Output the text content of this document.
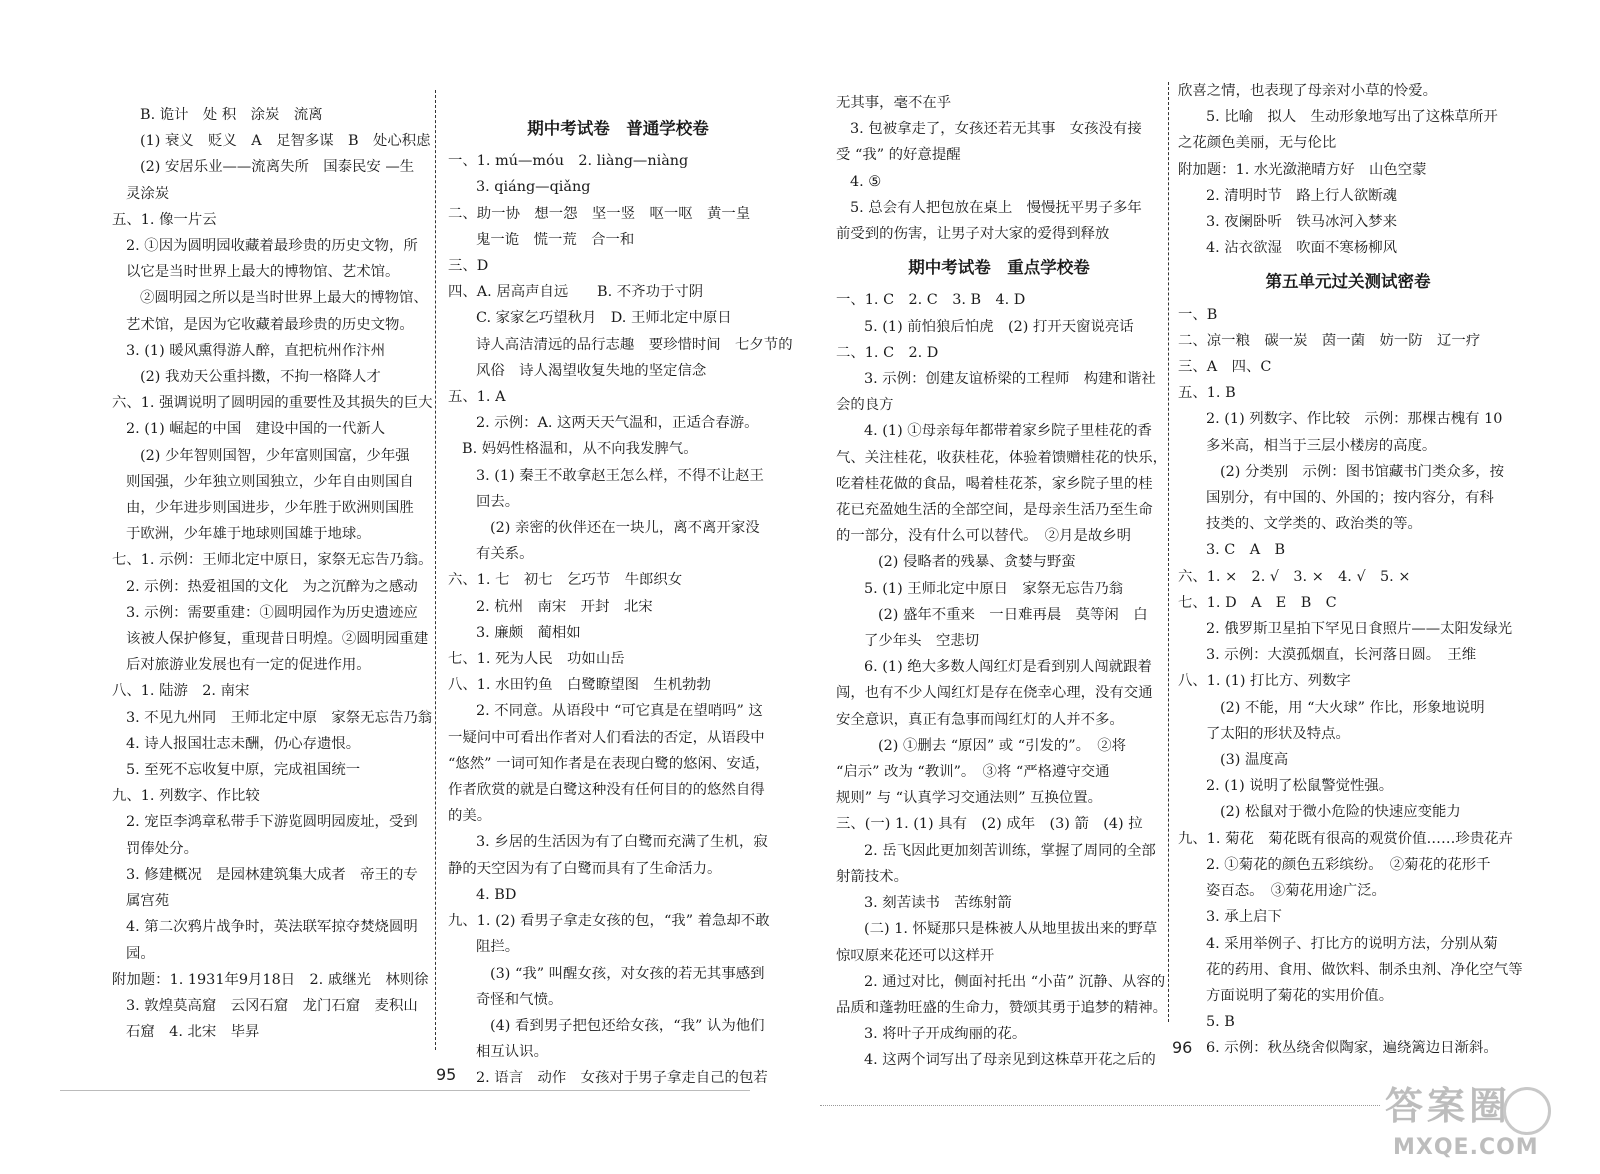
B. 诡计　处 积　涂炭　流离
(1) 衰义　贬义　A　足智多谋　B　处心积虑
(2) 安居乐业——流离失所　国泰民安 —生
灵涂炭
五、1. 像一片云
2. ①因为圆明园收藏着最珍贵的历史文物，所
以它是当时世界上最大的博物馆、艺术馆。
②圆明园之所以是当时世界上最大的博物馆、
艺术馆，是因为它收藏着最珍贵的历史文物。
3. (1) 暖风熏得游人醉，直把杭州作汴州
(2) 我劝天公重抖擞，不拘一格降人才
六、1. 强调说明了圆明园的重要性及其损失的巨大
2. (1) 崛起的中国　建设中国的一代新人
(2) 少年智则国智，少年富则国富，少年强
则国强，少年独立则国独立，少年自由则国自
由，少年进步则国进步，少年胜于欧洲则国胜
于欧洲，少年雄于地球则国雄于地球。
七、1. 示例：王师北定中原日，家祭无忘告乃翁。
2. 示例：热爱祖国的文化　为之沉醉为之感动
3. 示例：需要重建：①圆明园作为历史遗迹应
该被人保护修复，重现昔日明煌。②圆明园重建
后对旅游业发展也有一定的促进作用。
八、1. 陆游　2. 南宋
3. 不见九州同　王师北定中原　家祭无忘告乃翁
4. 诗人报国壮志未酬，仍心存遗恨。
5. 至死不忘收复中原，完成祖国统一
九、1. 列数字、作比较
2. 宠臣李鸿章私带手下游览圆明园废址，受到
罚俸处分。
3. 修建概况　是园林建筑集大成者　帝王的专
属宫苑
4. 第二次鸦片战争时，英法联军掠夺焚烧圆明
园。
附加题：1. 1931年9月18日　2. 戚继光　林则徐
3. 敦煌莫高窟　云冈石窟　龙门石窟　麦积山
石窟　4. 北宋　毕昇
期中考试卷　普通学校卷
一、1. mú—móu　2. liàng—niàng
3. qiáng—qiǎng
二、助一协　想一怨　坚一竖　呕一呕　黄一皇
鬼一诡　慌一荒　合一和
三、D
四、A. 居高声自远　　B. 不齐功于寸阴
C. 家家乞巧望秋月　D. 王师北定中原日
诗人高洁清远的品行志趣　要珍惜时间　七夕节的
风俗　诗人渴望收复失地的坚定信念
五、1. A
2. 示例：A. 这两天天气温和，正适合春游。
B. 妈妈性格温和，从不向我发脾气。
3. (1) 秦王不敢拿赵王怎么样，不得不让赵王
回去。
(2) 亲密的伙伴还在一块儿，离不离开家没
有关系。
六、1. 七　初七　乞巧节　牛郎织女
2. 杭州　南宋　开封　北宋
3. 廉颇　蔺相如
七、1. 死为人民　功如山岳
八、1. 水田钓鱼　白鹭瞭望图　生机勃勃
2. 不同意。从语段中 “可它真是在望哨吗” 这
一疑问中可看出作者对人们看法的否定，从语段中
“悠然” 一词可知作者是在表现白鹭的悠闲、安适，
作者欣赏的就是白鹭这种没有任何目的的悠然自得
的美。
3. 乡居的生活因为有了白鹭而充满了生机，寂
静的天空因为有了白鹭而具有了生命活力。
4. BD
九、1. (2) 看男子拿走女孩的包，“我” 着急却不敢
阻拦。
(3) “我” 叫醒女孩，对女孩的若无其事感到
奇怪和气愤。
(4) 看到男子把包还给女孩，“我” 认为他们
相互认识。
2. 语言　动作　女孩对于男子拿走自己的包若
无其事，毫不在乎
3. 包被拿走了，女孩还若无其事　女孩没有接
受 “我” 的好意提醒
4. ⑤
5. 总会有人把包放在桌上　慢慢抚平男子多年
前受到的伤害，让男子对大家的爱得到释放
期中考试卷　重点学校卷
一、1. C　2. C　3. B　4. D
5. (1) 前怕狼后怕虎　(2) 打开天窗说亮话
二、1. C　2. D
3. 示例：创建友谊桥梁的工程师　构建和谐社
会的良方
4. (1) ①母亲每年都带着家乡院子里桂花的香
气、关注桂花，收获桂花，体验着馈赠桂花的快乐，
吃着桂花做的食品，喝着桂花茶，家乡院子里的桂
花已充盈她生活的全部空间，是母亲生活乃至生命
的一部分，没有什么可以替代。　②月是故乡明
(2) 侵略者的残暴、贪婪与野蛮
5. (1) 王师北定中原日　家祭无忘告乃翁
(2) 盛年不重来　一日难再晨　莫等闲　白
了少年头　空悲切
6. (1) 绝大多数人闯红灯是看到别人闯就跟着
闯，也有不少人闯红灯是存在侥幸心理，没有交通
安全意识，真正有急事而闯红灯的人并不多。
(2) ①删去 “原因” 或 “引发的”。　②将
“启示” 改为 “教训”。　③将 “严格遵守交通
规则” 与 “认真学习交通法则” 互换位置。
三、(一) 1. (1) 具有　(2) 成年　(3) 箭　(4) 拉
2. 岳飞因此更加刻苦训练，掌握了周同的全部
射箭技术。
3. 刻苦读书　苦练射箭
(二) 1. 怀疑那只是株被人从地里拔出来的野草
惊叹原来花还可以这样开
2. 通过对比，侧面衬托出 “小苗” 沉静、从容的
品质和蓬勃旺盛的生命力，赞颂其勇于追梦的精神。
3. 将叶子开成绚丽的花。
4. 这两个词写出了母亲见到这株草开花之后的
欣喜之情，也表现了母亲对小草的怜爱。
5. 比喻　拟人　生动形象地写出了这株草所开
之花颜色美丽，无与伦比
附加题：1. 水光潋滟晴方好　山色空蒙
2. 清明时节　路上行人欲断魂
3. 夜阑卧听　铁马冰河入梦来
4. 沾衣欲湿　吹面不寒杨柳风
第五单元过关测试密卷
一、B
二、凉一粮　碳一炭　茵一菌　妨一防　辽一疗
三、A　四、C
五、1. B
2. (1) 列数字、作比较　示例：那棵古槐有 10
多米高，相当于三层小楼房的高度。
(2) 分类别　示例：图书馆藏书门类众多，按
国别分，有中国的、外国的；按内容分，有科
技类的、文学类的、政治类的等。
3. C　A　B
六、1. ×　2. √　3. ×　4. √　5. ×
七、1. D　A　E　B　C
2. 俄罗斯卫星拍下罕见日食照片——太阳发绿光
3. 示例：大漠孤烟直，长河落日圆。　王维
八、1. (1) 打比方、列数字
(2) 不能，用 “大火球” 作比，形象地说明
了太阳的形状及特点。
(3) 温度高
2. (1) 说明了松鼠警觉性强。
(2) 松鼠对于微小危险的快速应变能力
九、1. 菊花　菊花既有很高的观赏价值……珍贵花卉
2. ①菊花的颜色五彩缤纷。　②菊花的花形千
姿百态。　③菊花用途广泛。
3. 承上启下
4. 采用举例子、打比方的说明方法，分别从菊
花的药用、食用、做饮料、制杀虫剂、净化空气等
方面说明了菊花的实用价值。
5. B
6. 示例：秋丛绕舍似陶家，遍绕篱边日渐斜。
95
96
答案圈
MXQE.COM
